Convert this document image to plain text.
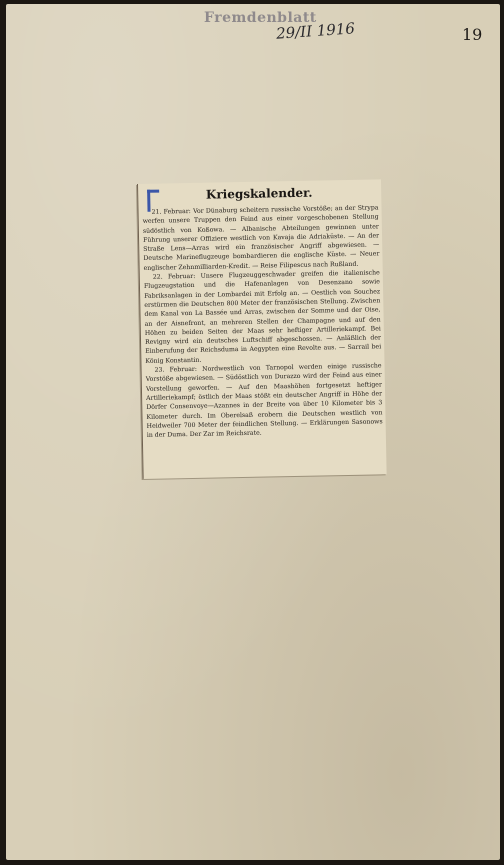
Fremdenblatt
29/II 1916	19
Kriegskalender.

21. Februar: Vor Dünaburg scheitern russische Vorstöße; an der Strypa werfen unsere Truppen den Feind aus einer vorgeschobenen Stellung südöstlich von Koßowa. — Albanische Abteilungen gewinnen unter Führung unserer Offiziere westlich von Kavaja die Adriaküste. — An der Straße Lens—Arras wird ein französischer Angriff abgewiesen. — Deutsche Marineflugzeuge bombardieren die englische Küste. — Neuer englischer Zehnmilliarden-Kredit. — Reise Filipescus nach Rußland.

22. Februar: Unsere Flugzeuggeschwader greifen die italienische Flugzeugstation und die Hafenanlagen von Desenzano sowie Fabriksanlagen in der Lombardei mit Erfolg an. — Oestlich von Souchez erstürmen die Deutschen 800 Meter der französischen Stellung. Zwischen dem Kanal von La Bassée und Arras, zwischen der Somme und der Oise, an der Aisnefront, an mehreren Stellen der Champagne und auf den Höhen zu beiden Seiten der Maas sehr heftiger Artilleriekampf. Bei Revigny wird ein deutsches Luftschiff abgeschossen. — Anläßlich der Einberufung der Reichsduma in Aegypten eine Revolte aus. — Sarrail bei König Konstantin.

23. Februar: Nordwestlich von Tarnopol werden einige russische Vorstöße abgewiesen. — Südöstlich von Durazzo wird der Feind aus einer Vorstellung geworfen. — Auf den Maashöhen fortgesetzt heftiger Artilleriekampf; östlich der Maas stößt ein deutscher Angriff in Höhe der Dörfer Consenvoye—Azannes in der Breite von über 10 Kilometer bis 3 Kilometer durch. Im Oberelsaß erobern die Deutschen westlich von Heidweiler 700 Meter der feindlichen Stellung. — Erklärungen Sasonows in der Duma. Der Zar im Reichsrate.
